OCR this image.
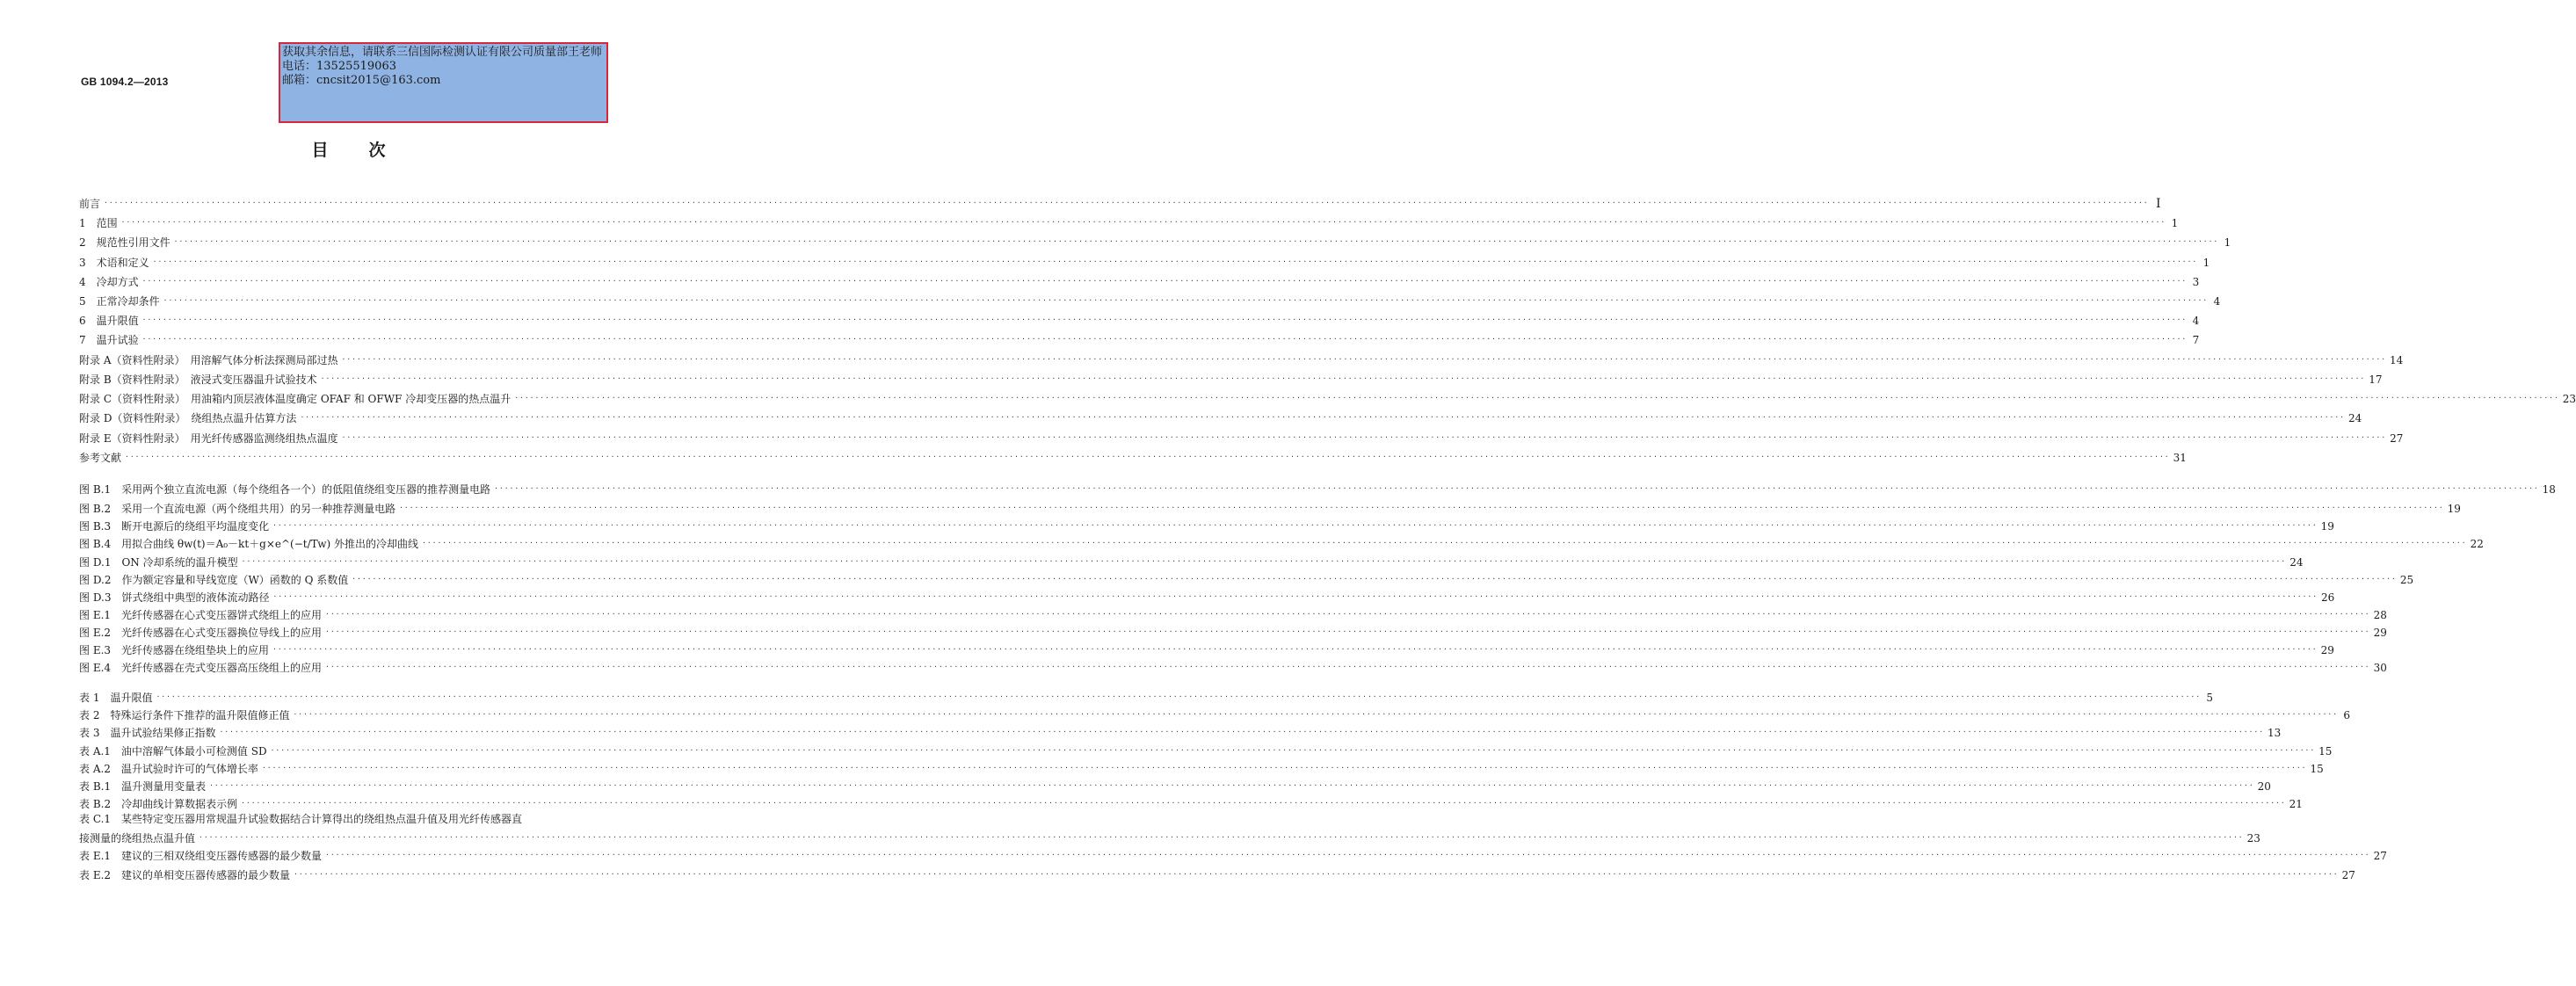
GB 1094.2—2013
获取其余信息，请联系三信国际检测认证有限公司质量部王老师
电话：13525519063
邮箱：cncsit2015@163.com
目次
前言 ················································································································································································································································································································································································································ I
1　范围 ················································································································································································································································································································································································································ 1
2　规范性引用文件 ················································································································································································································································································································································································································ 1
3　术语和定义 ················································································································································································································································································································································································································ 1
4　冷却方式 ················································································································································································································································································································································································································ 3
5　正常冷却条件 ················································································································································································································································································································································································································ 4
6　温升限值 ················································································································································································································································································································································································································ 4
7　温升试验 ················································································································································································································································································································································································································ 7
附录 A（资料性附录）　用溶解气体分析法探测局部过热 ················································································································································································································································································································································································································ 14
附录 B（资料性附录）　液浸式变压器温升试验技术 ················································································································································································································································································································································································································ 17
附录 C（资料性附录）　用油箱内顶层液体温度确定 OFAF 和 OFWF 冷却变压器的热点温升 ················································································································································································································································································································································································································ 23
附录 D（资料性附录）　绕组热点温升估算方法 ················································································································································································································································································································································································································ 24
附录 E（资料性附录）　用光纤传感器监测绕组热点温度 ················································································································································································································································································································································································································ 27
参考文献 ················································································································································································································································································································································································································ 31
图 B.1　采用两个独立直流电源（每个绕组各一个）的低阻值绕组变压器的推荐测量电路 ················································································································································································································································································································································································································ 18
图 B.2　采用一个直流电源（两个绕组共用）的另一种推荐测量电路 ················································································································································································································································································································································································································ 19
图 B.3　断开电源后的绕组平均温度变化 ················································································································································································································································································································································································································ 19
图 B.4　用拟合曲线 θw(t)＝A₀－kt＋g×e^(−t/Tw) 外推出的冷却曲线 ················································································································································································································································································································································································································ 22
图 D.1　ON 冷却系统的温升模型 ················································································································································································································································································································································································································ 24
图 D.2　作为额定容量和导线宽度（W）函数的 Q 系数值 ················································································································································································································································································································································································································ 25
图 D.3　饼式绕组中典型的液体流动路径 ················································································································································································································································································································································································································ 26
图 E.1　光纤传感器在心式变压器饼式绕组上的应用 ················································································································································································································································································································································································································ 28
图 E.2　光纤传感器在心式变压器换位导线上的应用 ················································································································································································································································································································································································································ 29
图 E.3　光纤传感器在绕组垫块上的应用 ················································································································································································································································································································································································································ 29
图 E.4　光纤传感器在壳式变压器高压绕组上的应用 ················································································································································································································································································································································································································ 30
表 1　温升限值 ················································································································································································································································································································································································································ 5
表 2　特殊运行条件下推荐的温升限值修正值 ················································································································································································································································································································································································································ 6
表 3　温升试验结果修正指数 ················································································································································································································································································································································································································ 13
表 A.1　油中溶解气体最小可检测值 SD ················································································································································································································································································································································································································ 15
表 A.2　温升试验时许可的气体增长率 ················································································································································································································································································································································································································ 15
表 B.1　温升测量用变量表 ················································································································································································································································································································································································································ 20
表 B.2　冷却曲线计算数据表示例 ················································································································································································································································································································································································································ 21
表 C.1　某些特定变压器用常规温升试验数据结合计算得出的绕组热点温升值及用光纤传感器直
接测量的绕组热点温升值 ················································································································································································································································································································································································································ 23
表 E.1　建议的三相双绕组变压器传感器的最少数量 ················································································································································································································································································································································································································ 27
表 E.2　建议的单相变压器传感器的最少数量 ················································································································································································································································································································································································································ 27
